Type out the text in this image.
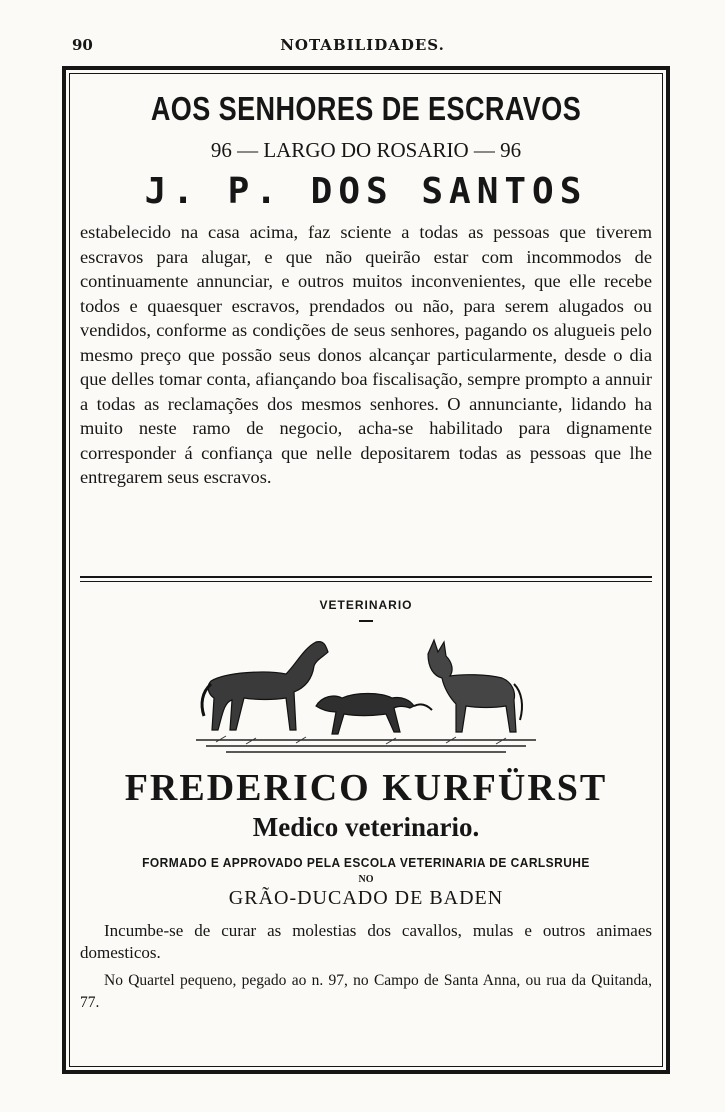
90	NOTABILIDADES.
AOS SENHORES DE ESCRAVOS
96 — LARGO DO ROSARIO — 96
J. P. DOS SANTOS
estabelecido na casa acima, faz sciente a todas as pessoas que tiverem escravos para alugar, e que não queirão estar com incommodos de continuamente annunciar, e outros muitos inconvenientes, que elle recebe todos e quaesquer escravos, prendados ou não, para serem alugados ou vendidos, conforme as condições de seus senhores, pagando os alugueis pelo mesmo preço que possão seus donos alcançar particularmente, desde o dia que delles tomar conta, afiançando boa fiscalisação, sempre prompto a annuir a todas as reclamações dos mesmos senhores. O annunciante, lidando ha muito neste ramo de negocio, acha-se habilitado para dignamente corresponder á confiança que nelle depositarem todas as pessoas que lhe entregarem seus escravos.
VETERINARIO
FREDERICO KURFÜRST
Medico veterinario.
FORMADO E APPROVADO PELA ESCOLA VETERINARIA DE CARLSRUHE
NO
GRÃO-DUCADO DE BADEN
Incumbe-se de curar as molestias dos cavallos, mulas e outros animaes domesticos.
No Quartel pequeno, pegado ao n. 97, no Campo de Santa Anna, ou rua da Quitanda, 77.
